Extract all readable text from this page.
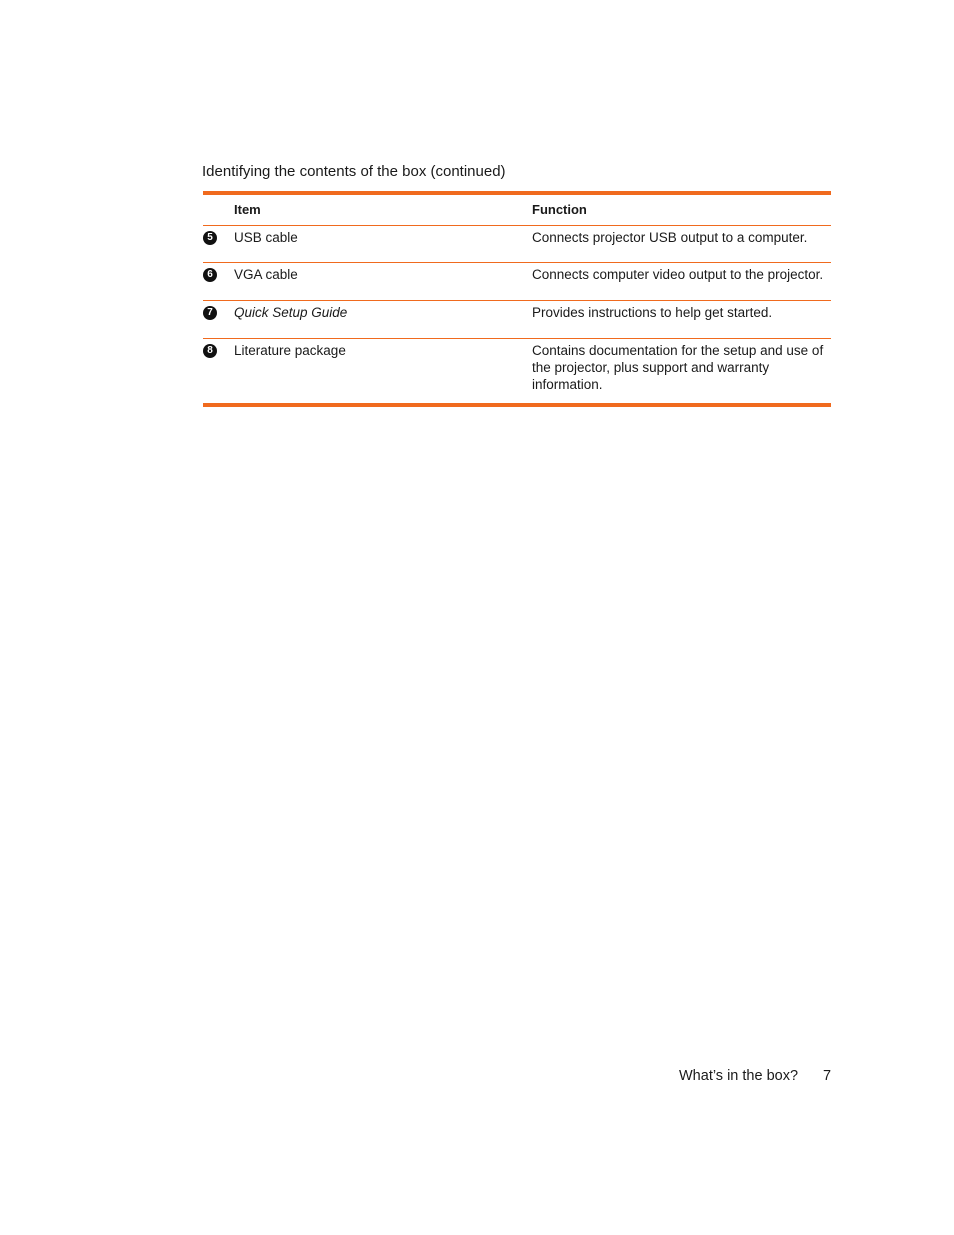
Identifying the contents of the box (continued)
Item	Function
5	USB cable	Connects projector USB output to a computer.
6	VGA cable	Connects computer video output to the projector.
7	Quick Setup Guide	Provides instructions to help get started.
8	Literature package	Contains documentation for the setup and use of the projector, plus support and warranty information.
What’s in the box? 7
